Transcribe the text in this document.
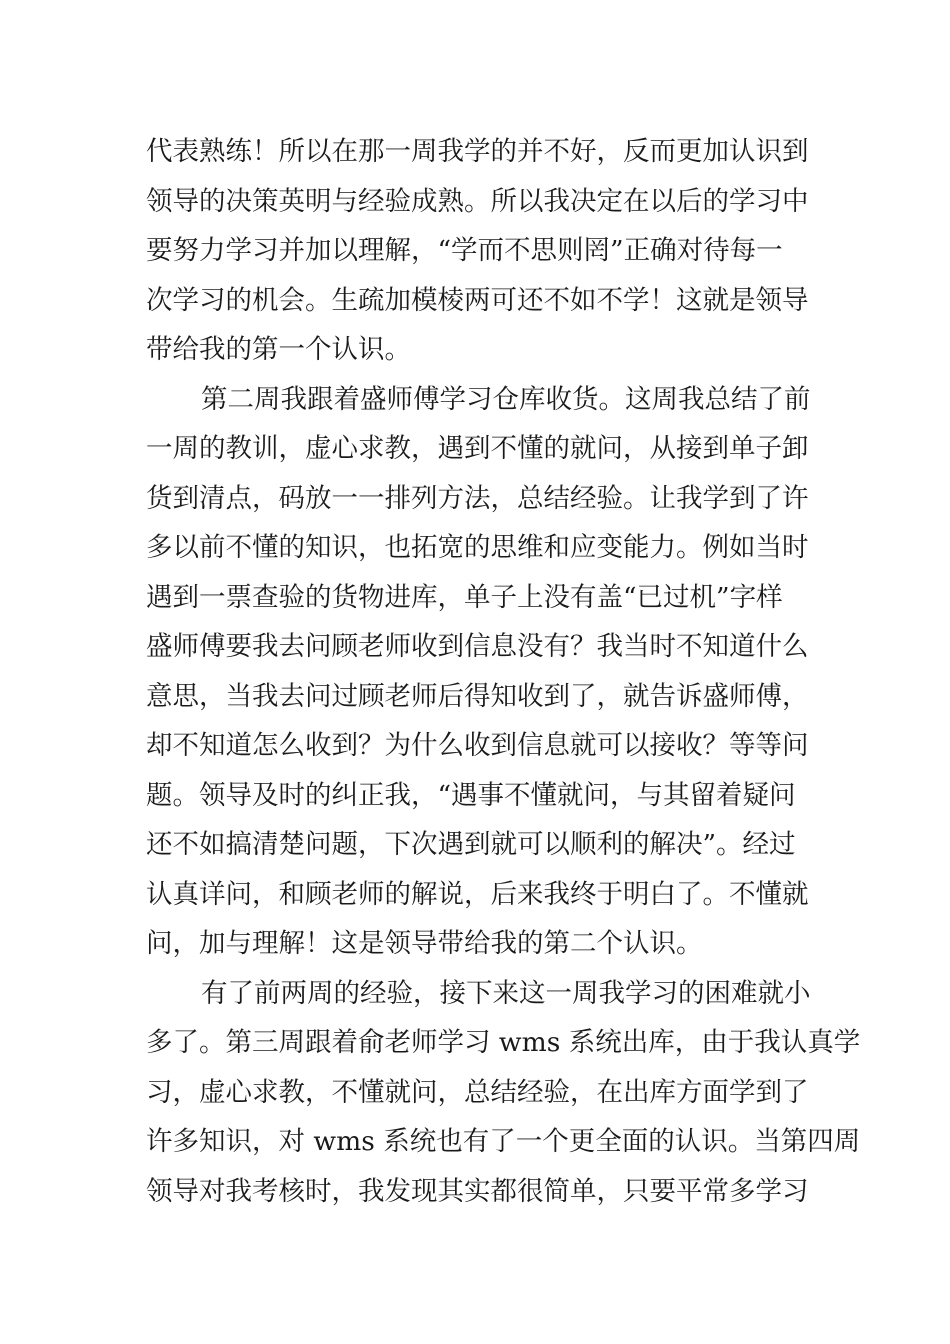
代表熟练！所以在那一周我学的并不好，反而更加认识到
领导的决策英明与经验成熟。所以我决定在以后的学习中
要努力学习并加以理解，“学而不思则罔”正确对待每一
次学习的机会。生疏加模棱两可还不如不学！这就是领导
带给我的第一个认识。
第二周我跟着盛师傅学习仓库收货。这周我总结了前
一周的教训，虚心求教，遇到不懂的就问，从接到单子卸
货到清点，码放一一排列方法，总结经验。让我学到了许
多以前不懂的知识，也拓宽的思维和应变能力。例如当时
遇到一票查验的货物进库，单子上没有盖“已过机”字样
盛师傅要我去问顾老师收到信息没有？我当时不知道什么
意思，当我去问过顾老师后得知收到了，就告诉盛师傅，
却不知道怎么收到？为什么收到信息就可以接收？等等问
题。领导及时的纠正我，“遇事不懂就问，与其留着疑问
还不如搞清楚问题，下次遇到就可以顺利的解决”。经过
认真详问，和顾老师的解说，后来我终于明白了。不懂就
问，加与理解！这是领导带给我的第二个认识。
有了前两周的经验，接下来这一周我学习的困难就小
多了。第三周跟着俞老师学习 wms 系统出库，由于我认真学
习，虚心求教，不懂就问，总结经验，在出库方面学到了
许多知识，对 wms 系统也有了一个更全面的认识。当第四周
领导对我考核时，我发现其实都很简单，只要平常多学习
